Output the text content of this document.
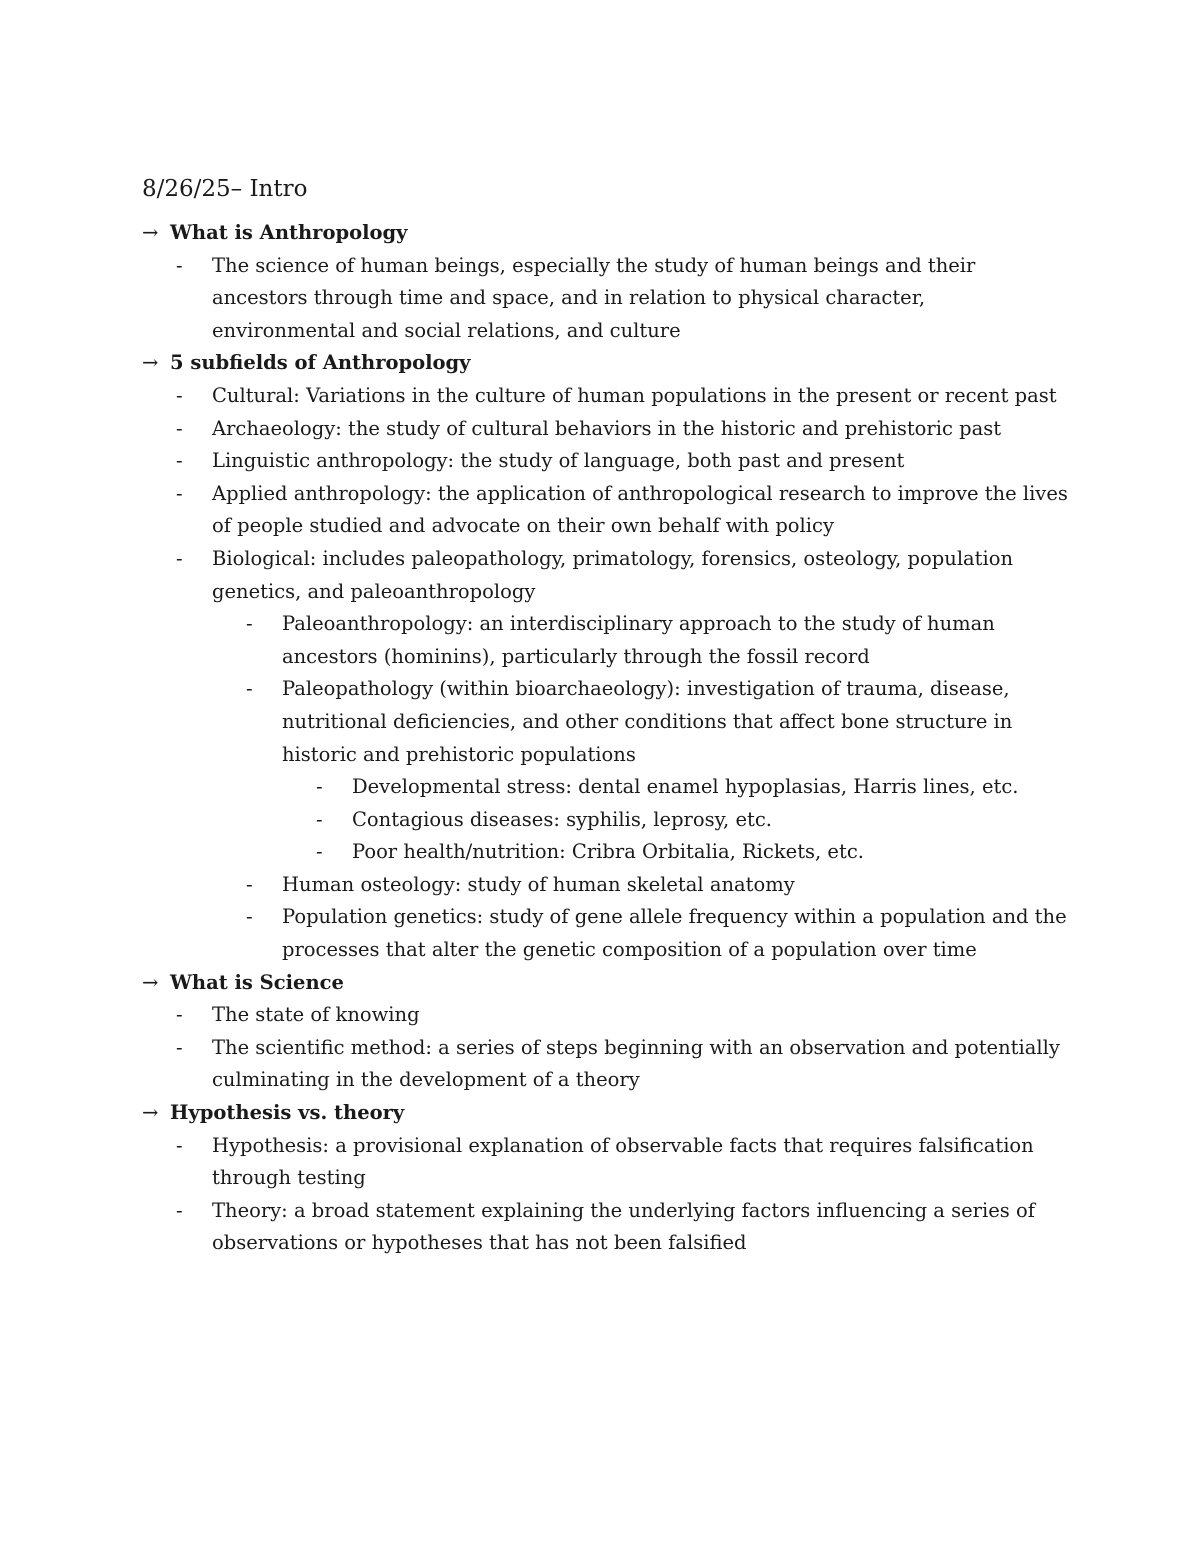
8/26/25– Intro
→ What is Anthropology
-	The science of human beings, especially the study of human beings and their ancestors through time and space, and in relation to physical character, environmental and social relations, and culture
→ 5 subfields of Anthropology
-	Cultural: Variations in the culture of human populations in the present or recent past
-	Archaeology: the study of cultural behaviors in the historic and prehistoric past
-	Linguistic anthropology: the study of language, both past and present
-	Applied anthropology: the application of anthropological research to improve the lives of people studied and advocate on their own behalf with policy
-	Biological: includes paleopathology, primatology, forensics, osteology, population genetics, and paleoanthropology
-	Paleoanthropology: an interdisciplinary approach to the study of human ancestors (hominins), particularly through the fossil record
-	Paleopathology (within bioarchaeology): investigation of trauma, disease, nutritional deficiencies, and other conditions that affect bone structure in historic and prehistoric populations
-	Developmental stress: dental enamel hypoplasias, Harris lines, etc.
-	Contagious diseases: syphilis, leprosy, etc.
-	Poor health/nutrition: Cribra Orbitalia, Rickets, etc.
-	Human osteology: study of human skeletal anatomy
-	Population genetics: study of gene allele frequency within a population and the processes that alter the genetic composition of a population over time
→ What is Science
-	The state of knowing
-	The scientific method: a series of steps beginning with an observation and potentially culminating in the development of a theory
→ Hypothesis vs. theory
-	Hypothesis: a provisional explanation of observable facts that requires falsification through testing
-	Theory: a broad statement explaining the underlying factors influencing a series of observations or hypotheses that has not been falsified
